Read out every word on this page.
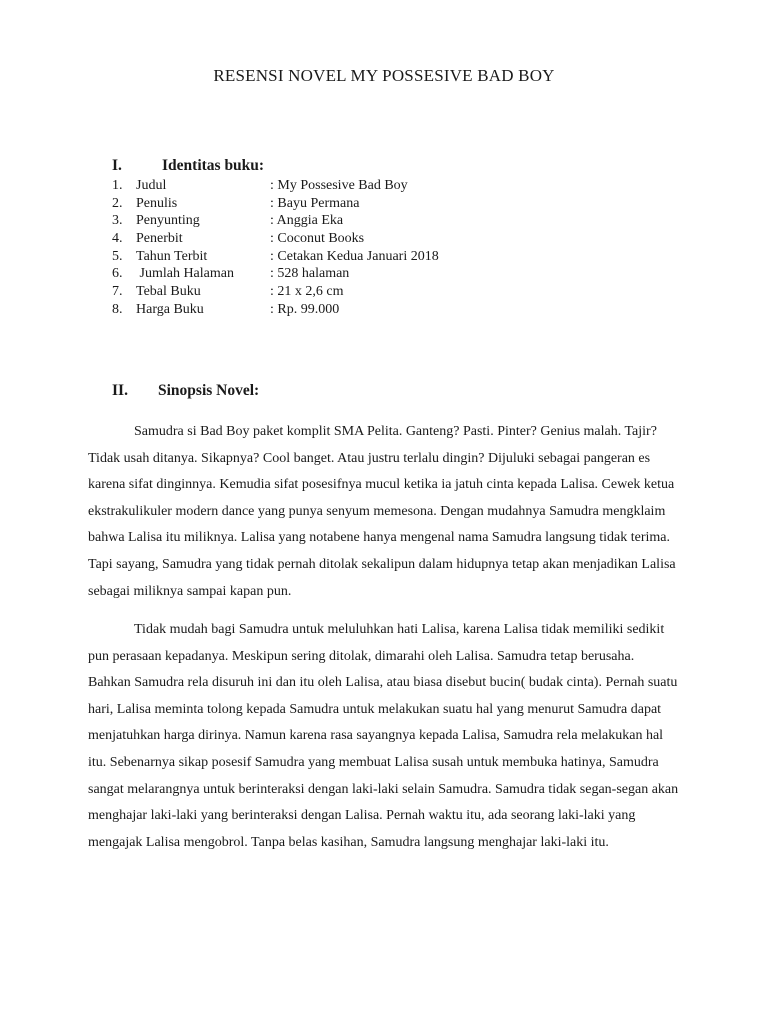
RESENSI NOVEL MY POSSESIVE BAD BOY
I.	Identitas buku:
1. Judul	: My Possesive Bad Boy
2. Penulis	: Bayu Permana
3. Penyunting	: Anggia Eka
4. Penerbit	: Coconut Books
5. Tahun Terbit	: Cetakan Kedua Januari 2018
6. Jumlah Halaman	: 528 halaman
7. Tebal Buku	: 21 x 2,6 cm
8. Harga Buku	: Rp. 99.000
II. Sinopsis Novel:

Samudra si Bad Boy paket komplit SMA Pelita. Ganteng? Pasti. Pinter? Genius malah. Tajir? Tidak usah ditanya. Sikapnya? Cool banget. Atau justru terlalu dingin? Dijuluki sebagai pangeran es karena sifat dinginnya. Kemudia sifat posesifnya mucul ketika ia jatuh cinta kepada Lalisa. Cewek ketua ekstrakulikuler modern dance yang punya senyum memesona. Dengan mudahnya Samudra mengklaim bahwa Lalisa itu miliknya. Lalisa yang notabene hanya mengenal nama Samudra langsung tidak terima. Tapi sayang, Samudra yang tidak pernah ditolak sekalipun dalam hidupnya tetap akan menjadikan Lalisa sebagai miliknya sampai kapan pun.

Tidak mudah bagi Samudra untuk meluluhkan hati Lalisa, karena Lalisa tidak memiliki sedikit pun perasaan kepadanya. Meskipun sering ditolak, dimarahi oleh Lalisa. Samudra tetap berusaha. Bahkan Samudra rela disuruh ini dan itu oleh Lalisa, atau biasa disebut bucin( budak cinta). Pernah suatu hari, Lalisa meminta tolong kepada Samudra untuk melakukan suatu hal yang menurut Samudra dapat menjatuhkan harga dirinya. Namun karena rasa sayangnya kepada Lalisa, Samudra rela melakukan hal itu. Sebenarnya sikap posesif Samudra yang membuat Lalisa susah untuk membuka hatinya, Samudra sangat melarangnya untuk berinteraksi dengan laki-laki selain Samudra. Samudra tidak segan-segan akan menghajar laki-laki yang berinteraksi dengan Lalisa. Pernah waktu itu, ada seorang laki-laki yang mengajak Lalisa mengobrol. Tanpa belas kasihan, Samudra langsung menghajar laki-laki itu.
